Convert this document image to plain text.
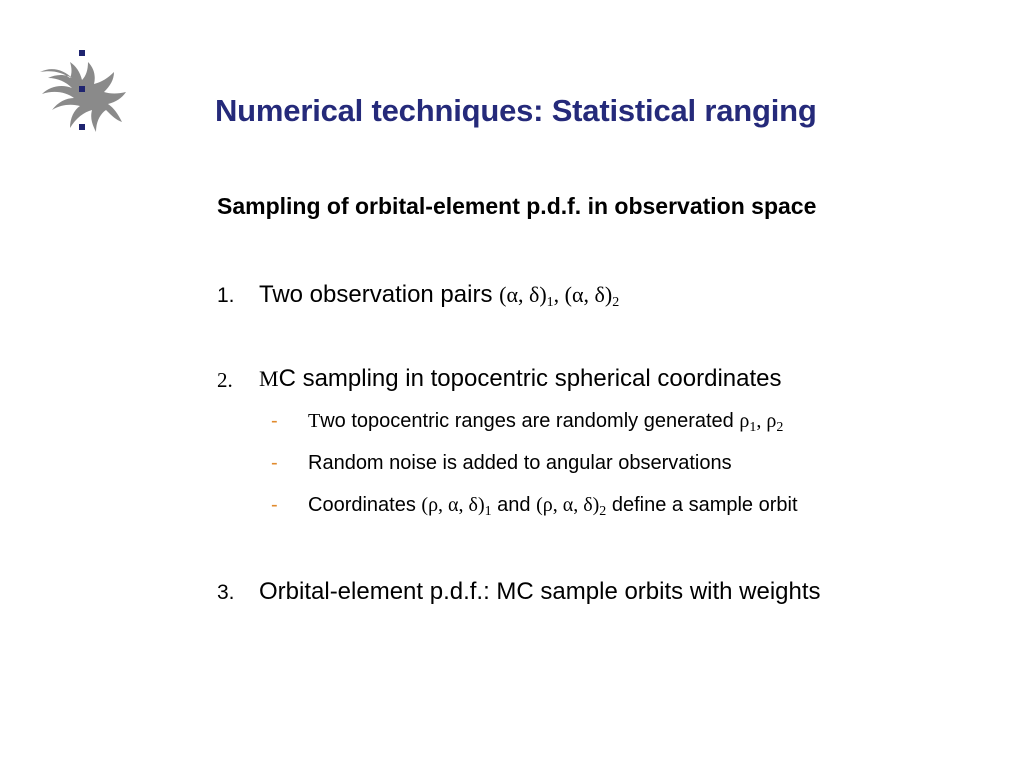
Numerical techniques: Statistical ranging
Sampling of orbital-element p.d.f. in observation space
1. Two observation pairs (α, $\delta)_1$, (α, $\delta)_2$
2. MC sampling in topocentric spherical coordinates
- Two topocentric ranges are randomly generated $\rho_1$, $\rho_2$
- Random noise is added to angular observations
- Coordinates (ρ, α, $\delta)_1$ and (ρ, α, $\delta)_2$ define a sample orbit
3. Orbital-element p.d.f.: MC sample orbits with weights
